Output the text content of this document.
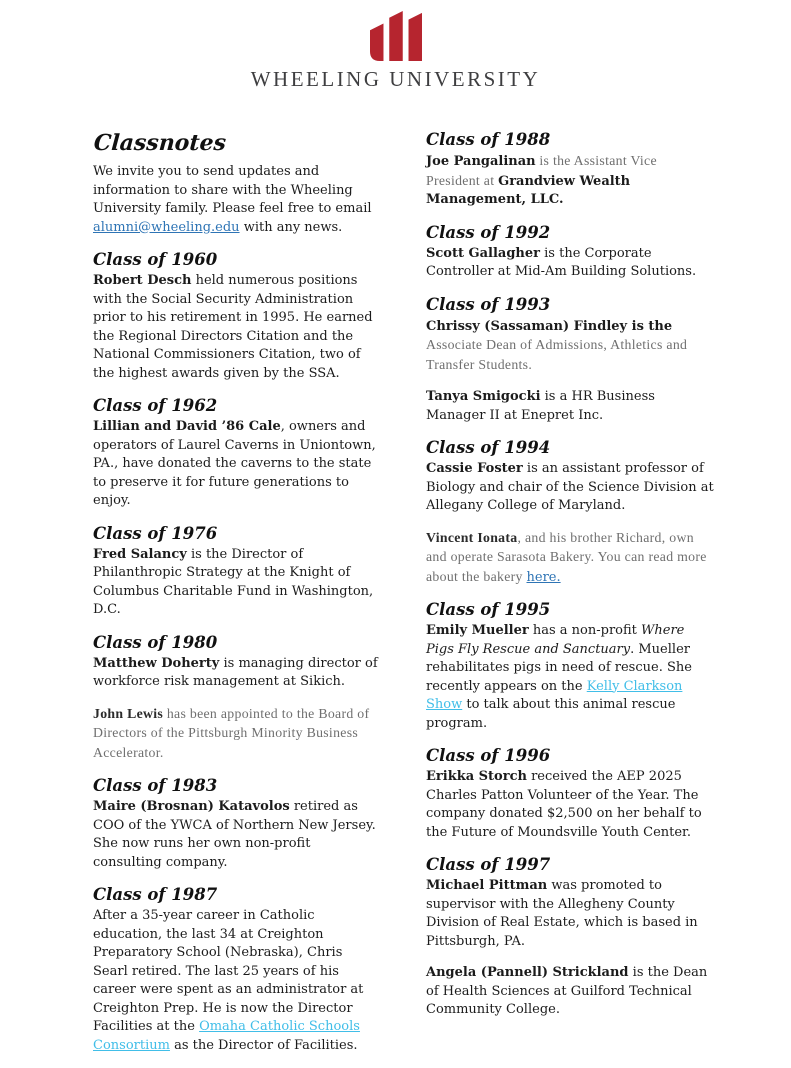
WHEELING UNIVERSITY
Classnotes

We invite you to send updates and information to share with the Wheeling University family. Please feel free to email alumni@wheeling.edu with any news.

Class of 1960

Robert Desch held numerous positions with the Social Security Administration prior to his retirement in 1995. He earned the Regional Directors Citation and the National Commissioners Citation, two of the highest awards given by the SSA.

Class of 1962

Lillian and David ’86 Cale, owners and operators of Laurel Caverns in Uniontown, PA., have donated the caverns to the state to preserve it for future generations to enjoy.

Class of 1976

Fred Salancy is the Director of Philanthropic Strategy at the Knight of Columbus Charitable Fund in Washington, D.C.

Class of 1980

Matthew Doherty is managing director of workforce risk management at Sikich.

John Lewis has been appointed to the Board of Directors of the Pittsburgh Minority Business Accelerator.

Class of 1983

Maire (Brosnan) Katavolos retired as COO of the YWCA of Northern New Jersey. She now runs her own non-profit consulting company.

Class of 1987

After a 35-year career in Catholic education, the last 34 at Creighton Preparatory School (Nebraska), Chris Searl retired. The last 25 years of his career were spent as an administrator at Creighton Prep. He is now the Director Facilities at the Omaha Catholic Schools Consortium as the Director of Facilities.

Class of 1988

Joe Pangalinan is the Assistant Vice President at Grandview Wealth Management, LLC.

Class of 1992

Scott Gallagher is the Corporate Controller at Mid-Am Building Solutions.

Class of 1993

Chrissy (Sassaman) Findley is the Associate Dean of Admissions, Athletics and Transfer Students.

Tanya Smigocki is a HR Business Manager II at Enepret Inc.

Class of 1994

Cassie Foster is an assistant professor of Biology and chair of the Science Division at Allegany College of Maryland.

Vincent Ionata, and his brother Richard, own and operate Sarasota Bakery. You can read more about the bakery here.

Class of 1995

Emily Mueller has a non-profit Where Pigs Fly Rescue and Sanctuary. Mueller rehabilitates pigs in need of rescue. She recently appears on the Kelly Clarkson Show to talk about this animal rescue program.

Class of 1996

Erikka Storch received the AEP 2025 Charles Patton Volunteer of the Year. The company donated $2,500 on her behalf to the Future of Moundsville Youth Center.

Class of 1997

Michael Pittman was promoted to supervisor with the Allegheny County Division of Real Estate, which is based in Pittsburgh, PA.

Angela (Pannell) Strickland is the Dean of Health Sciences at Guilford Technical Community College.
